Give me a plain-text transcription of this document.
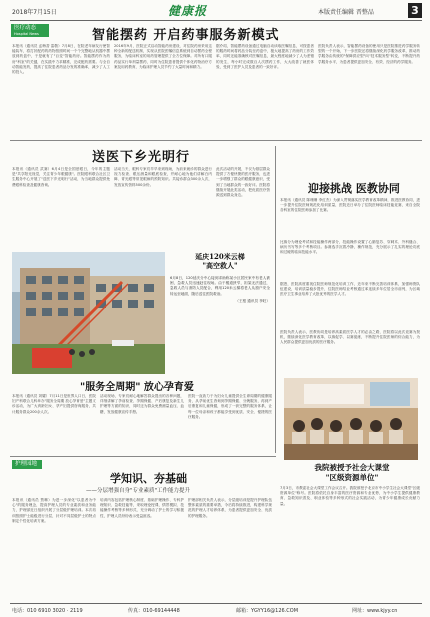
2018年7月15日	健康报	本版责任编辑 晋整品	3
医疗动态
Hospital News	智能摆药 开启药事服务新模式
本报讯（通讯员 孟梅香 雷敬）7月8日，在院老年病友行使智能装车，将打折配药的药物按照时间一个个完整地从机器中摆放到药盒中，于是就有了"百变"智能药房。智能摆药作为药房"科室"的关键，在实践中力求精准，完成配药需要。与全自动智能发药，提高了住院患者药品分发的准确率，减少了人工的投入。
2016年9月，医院正式启动智能药房建设，对住院药房采用这种全新的配送机制，实现从医院医嘱信息系统到自动摆药全程服务，为临床科室的用药管理提供了全方位保障。对所有口服药品实行单剂量摆药，同时为住院患者提供个体化药物治疗方案及用药教育，为临床护理人员节约了大量时间和精力。
据介绍，智能摆药设备通过电脑自动读取医嘱信息，可按患者的服药时间将药品分装至药盒中，极大地提高了药房的工作效率，同时还能准确核对医嘱信息，最大程度地减少了人为差错的发生，每小时完成数百人次摆药工作，大大改善了就医体验，受到了医护人员及患者的一致好评。
医院负责人表示，智能摆药设备的使用只是医院推进药学服务转型的一个开始，下一步医院还将继续深化药学服务改革，推动药学服务由传统的"保障供应型"向"技术服务型"转变，不断提升药学服务水平，为患者提供更加安全、有效、经济的药学服务。
送医下乡光明行
本报讯（通讯员 武赛）6月4日是全国爱眼日，今年的主题是"共享阳光视觉，关注青少年眼健康"。医院眼科联合社区卫生服务中心开展了"送医下乡光明行"活动，为当地群众提供免费眼科检查及健康咨询。
活动当天，眼科专家们早早来到现场，为前来就诊的群众进行视力检查、眼压测量和眼底检查，并耐心地为他们讲解白内障、青光眼等常见眼病的预防知识。共接诊群众300余人次，发放宣传资料500余份。
此次活动的开展，不仅为基层群众提供了方便快捷的医疗服务，也进一步增强了群众的眼健康意识，受到了当地群众的一致好评。医院将继续开展此类活动，把优质医疗资源送到群众身边。
延庆120米云梯
"高空救人"
6月8日，120延庆分中心接到求助称某小区居民家中有老人被困，急救人员迅速赶往现场。由于楼道狭窄，担架无法通过，急救人员与消防人员配合，利用120米云梯将老人从窗户安全转运至地面，随后送往医院救治。
（王根 通讯员 李旺）
"服务全周期" 放心孕育爱
本报讯（通讯员 刘耀）7月11日是世界人口日，医院妇产科联合儿科举办"服务全周期 放心孕育爱"主题义诊活动，为广大育龄妇女、孕产妇提供咨询服务，共计服务群众200余人次。
活动现场，专家们耐心地解答群众提出的各种问题，详细讲解了孕前检查、孕期保健、产后康复及新生儿护理等方面的知识，同时还为群众免费测量血压、血糖，发放健康宣传手册。
医院一直致力于为妇女儿童提供全生命周期的健康服务，从孕前优生咨询到孕期保健、分娩服务，再到产后康复和儿童保健，形成了一套完整的服务体系，让每一位母亲和孩子都能享受到优质、安全、便捷的医疗服务。
迎接挑战 医教协同
本报讯（通讯员 陈珊珊 李红杰）为深入贯彻落实医学教育改革精神，推进医教协同，进一步提升住院医师规范化培训质量，医院近日举办了住院医师临床技能竞赛，来自全院各科室的住院医师参加了比赛。
比赛分为理论考试和技能操作两部分，技能操作设置了心肺复苏、穿刺术、外科缝合、病历书写等多个考核项目。参赛选手沉着冷静，操作规范，充分展示了扎实的理论功底和过硬的临床技能水平。
据悉，医院高度重视住院医师规范化培训工作，近年来不断完善培训体系，加强师资队伍建设，培训质量稳步提升，住院医师结业考核通过率连续多年位居全市前列，为区域医疗卫生事业培养了大批优秀的医学人才。
医院负责人表示，医教协同是培养高素质医学人才的必由之路，医院将以此次竞赛为契机，继续深化医学教育改革，以赛促学、以赛促练，不断提升住院医师的综合能力，为人民群众提供更加优质的医疗服务。
我院被授予社会大课堂
"区级资源单位"
7月3日，市教委社会大课堂工作会议召开。我院被授予北京市中小学生社会大课堂"区级资源单位"称号。医院将依托自身丰富的医疗资源和专业优势，为中小学生提供健康教育、急救知识普及、职业体验等多种形式的社会实践活动，为青少年健康成长贡献力量。
护理园地
学知识、夯基础
——分层增强自身"专业素质"工作能力提升
本报讯（通讯员 贾琳）为进一步深化"以患者为中心"的服务理念，提高护理人员的专业素质和业务能力，护理部近日组织开展了分层级护理培训。本次培训按照护士能级进行分层，针对不同层级护士的特点制定个性化培训方案。
培训内容包括护理核心制度、基础护理操作、专科护理知识、急救技能等，采取理论授课、情景模拟、技能操作考核等多种形式，充分调动了护士的学习积极性，护理人员纷纷表示受益匪浅。
护理部相关负责人表示，分层级培训是提升护理队伍整体素质的重要举措，今后将持续推进，构建科学规范的护理人才培养体系，为患者提供更加安全、优质的护理服务。
电话：010 6910 3020 · 2119	传真：010-69144448	邮箱：YGYY16@126.COM	网址：www.kjyy.cn
